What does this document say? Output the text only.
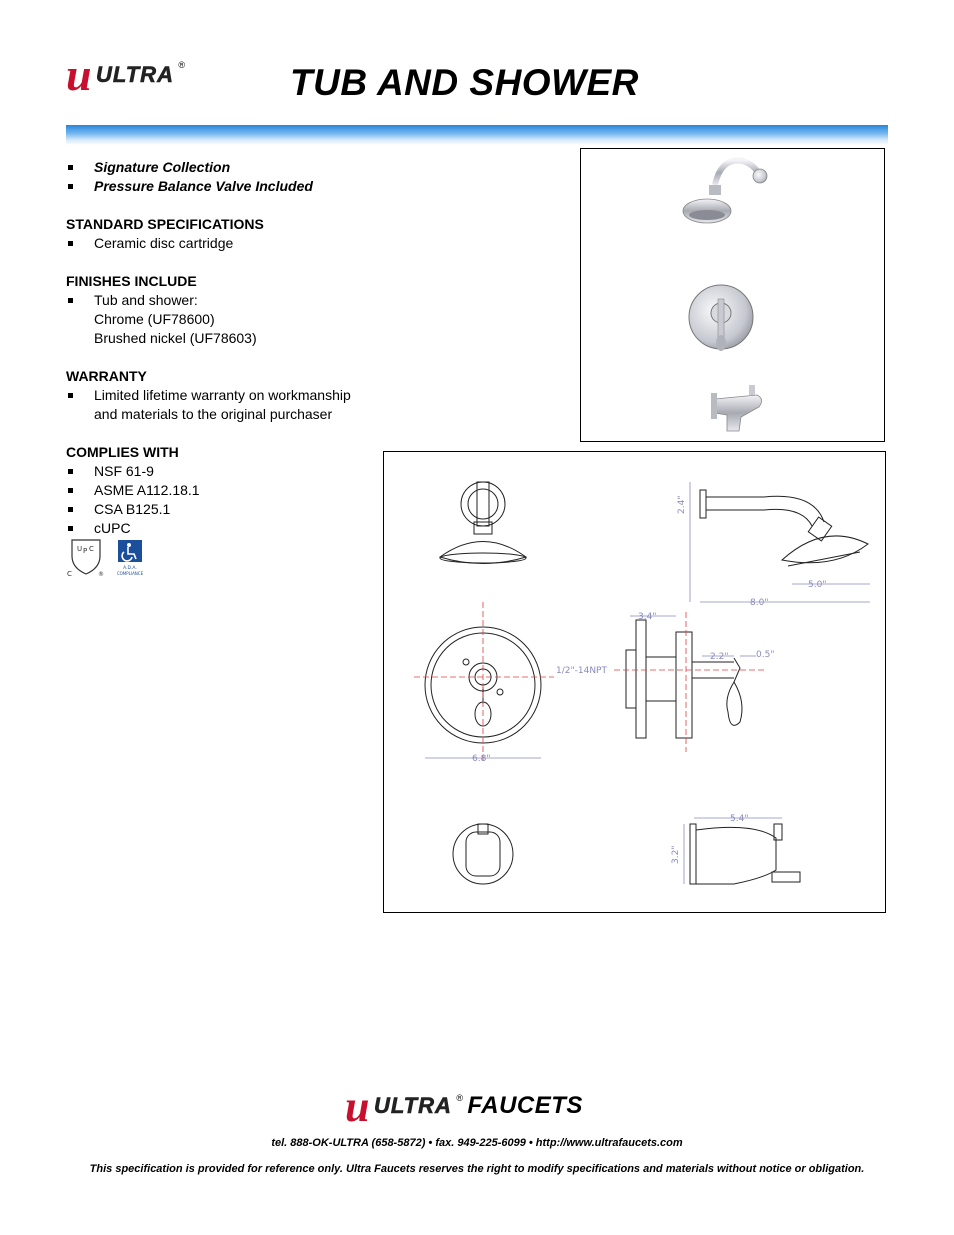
u ULTRA ®	TUB AND SHOWER
Signature Collection
Pressure Balance Valve Included
STANDARD SPECIFICATIONS
Ceramic disc cartridge
FINISHES INCLUDE
Tub and shower:
Chrome (UF78600)
Brushed nickel (UF78603)
WARRANTY
Limited lifetime warranty on workmanship
and materials to the original purchaser
COMPLIES WITH
NSF 61-9
ASME A112.18.1
CSA B125.1
cUPC
U P C
C	®
A.D.A.
COMPLIANCE
2.4"
5.0"
8.0"
3.4"
2.2"	0.5"
1/2"-14NPT
6.8"
5.4"
3.2"
u ULTRA ® FAUCETS
tel. 888-OK-ULTRA (658-5872) • fax. 949-225-6099 • http://www.ultrafaucets.com
This specification is provided for reference only. Ultra Faucets reserves the right to modify specifications and materials without notice or obligation.
